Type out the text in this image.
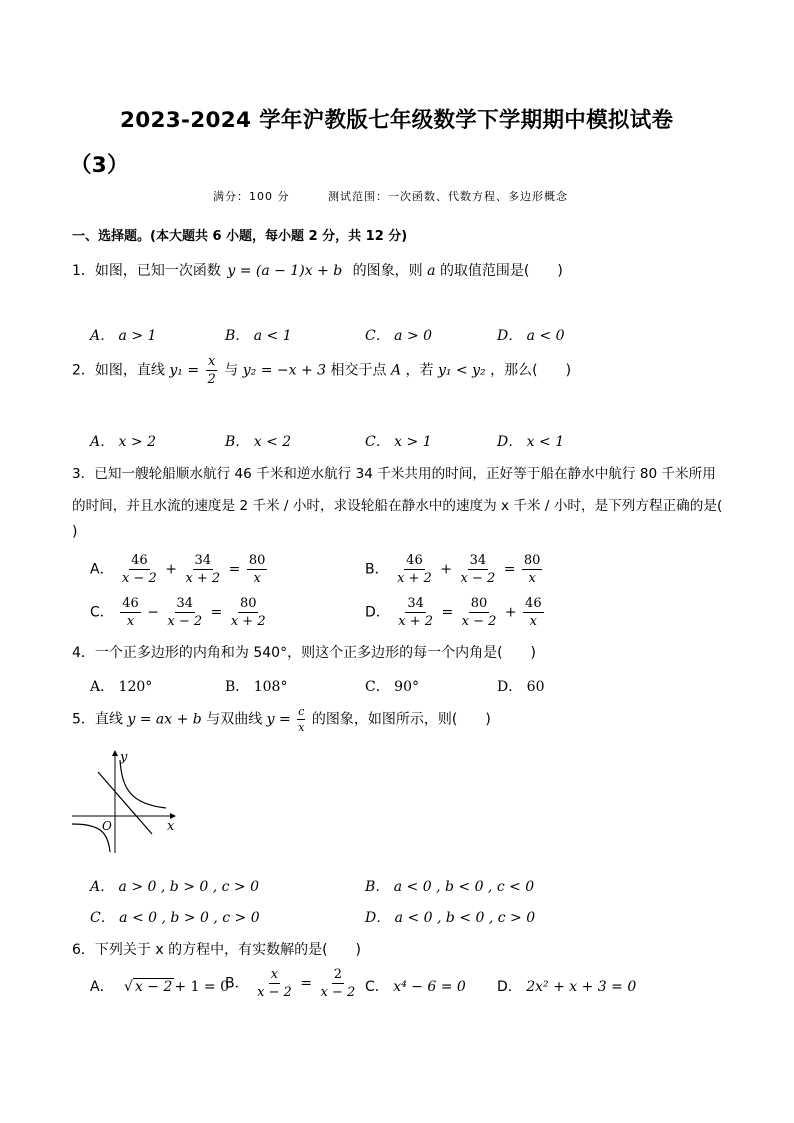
2023-2024 学年沪教版七年级数学下学期期中模拟试卷
（3）
满分：100 分	测试范围：一次函数、代数方程、多边形概念
一、选择题。(本大题共 6 小题，每小题 2 分，共 12 分)
1．如图，已知一次函数 y = (a − 1)x + b 的图象，则 a 的取值范围是(　　)
A． a > 1	B． a < 1	C． a > 0	D． a < 0
2．如图，直线 $y_1 = \frac{x}{2}$ 与 y₂ = −x + 3 相交于点 A ，若 y₁ < y₂ ，那么(　　)
A． x > 2	B． x < 2	C． x > 1	D． x < 1
3．已知一艘轮船顺水航行 46 千米和逆水航行 34 千米共用的时间，正好等于船在静水中航行 80 千米所用
的时间，并且水流的速度是 2 千米 / 小时，求设轮船在静水中的速度为 x 千米 / 小时，是下列方程正确的是(
)
A． $\frac{46}{x - 2} + \frac{34}{x + 2} = \frac{80}{x}$	B． $\frac{46}{x + 2} + \frac{34}{x - 2} = \frac{80}{x}$
C． $\frac{46}{x} - \frac{34}{x - 2} = \frac{80}{x + 2}$	D． $\frac{34}{x + 2} = \frac{80}{x - 2} + \frac{46}{x}$
4．一个正多边形的内角和为 540°，则这个正多边形的每一个内角是(　　)
A． 120°	B． 108°	C． 90°	D． 60
5．直线 y = ax + b 与双曲线 $y = \frac{c}{x}$ 的图象，如图所示，则(　　)
x
y
O
A． a > 0 , b > 0 , c > 0	B． a < 0 , b < 0 , c < 0
C． a < 0 , b > 0 , c > 0	D． a < 0 , b < 0 , c > 0
6．下列关于 x 的方程中，有实数解的是(　　)
A． √ x − 2 + 1 = 0
B． $\frac{x}{x - 2} = \frac{2}{x - 2}$ C． x⁴ − 6 = 0 D． 2x² + x + 3 = 0
